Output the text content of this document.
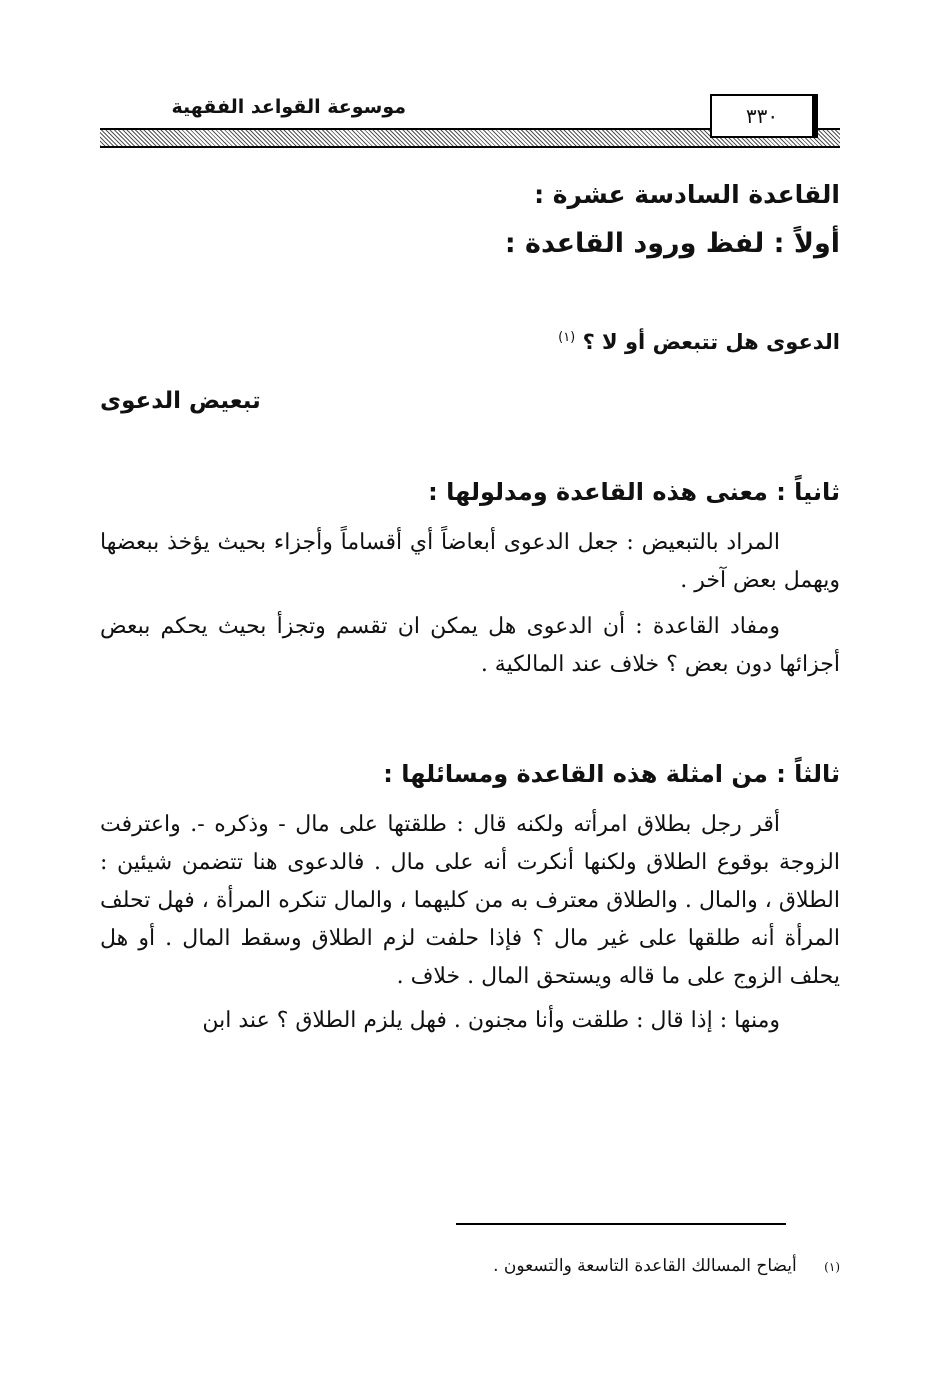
موسوعة القواعد الفقهية	٣٣٠
القاعدة السادسة عشرة :
أولاً : لفظ ورود القاعدة :
الدعوى هل تتبعض أو لا ؟ $^{(١)}$
تبعيض الدعوى
ثانياً : معنى هذه القاعدة ومدلولها :

المراد بالتبعيض : جعل الدعوى أبعاضاً أي أقساماً وأجزاء بحيث يؤخذ ببعضها ويهمل بعض آخر .

ومفاد القاعدة : أن الدعوى هل يمكن ان تقسم وتجزأ بحيث يحكم ببعض أجزائها دون بعض ؟ خلاف عند المالكية .

ثالثاً : من امثلة هذه القاعدة ومسائلها :

أقر رجل بطلاق امرأته ولكنه قال : طلقتها على مال - وذكره -. واعترفت الزوجة بوقوع الطلاق ولكنها أنكرت أنه على مال . فالدعوى هنا تتضمن شيئين : الطلاق ، والمال . والطلاق معترف به من كليهما ، والمال تنكره المرأة ، فهل تحلف المرأة أنه طلقها على غير مال ؟ فإذا حلفت لزم الطلاق وسقط المال . أو هل يحلف الزوج على ما قاله ويستحق المال . خلاف .

ومنها : إذا قال : طلقت وأنا مجنون . فهل يلزم الطلاق ؟ عند ابن

(١) أيضاح المسالك القاعدة التاسعة والتسعون .
